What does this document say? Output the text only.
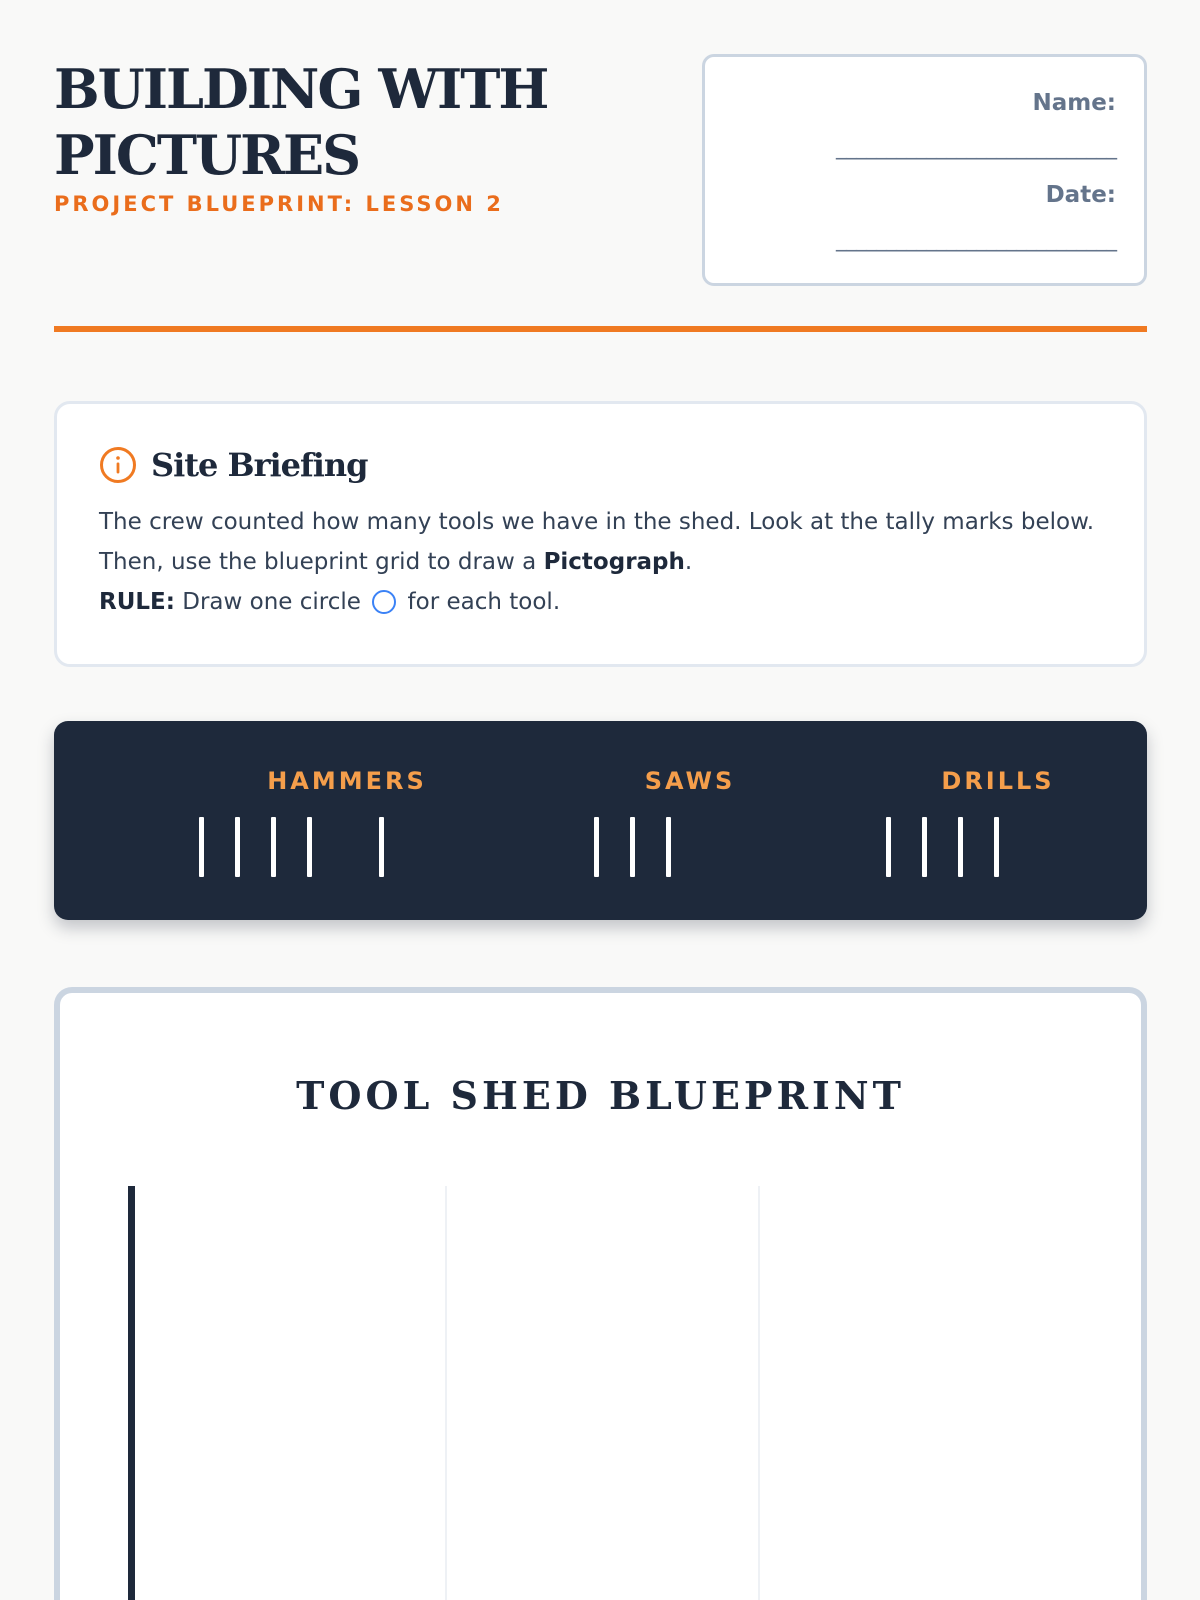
BUILDING WITH
PICTURES
PROJECT BLUEPRINT: LESSON 2
Name:
____________________________
Date:
____________________________
Site Briefing
The crew counted how many tools we have in the shed. Look at the tally marks below. Then, use the blueprint grid to draw a Pictograph.
RULE: Draw one circle  for each tool.
HAMMERS	SAWS	DRILLS
TOOL SHED BLUEPRINT
